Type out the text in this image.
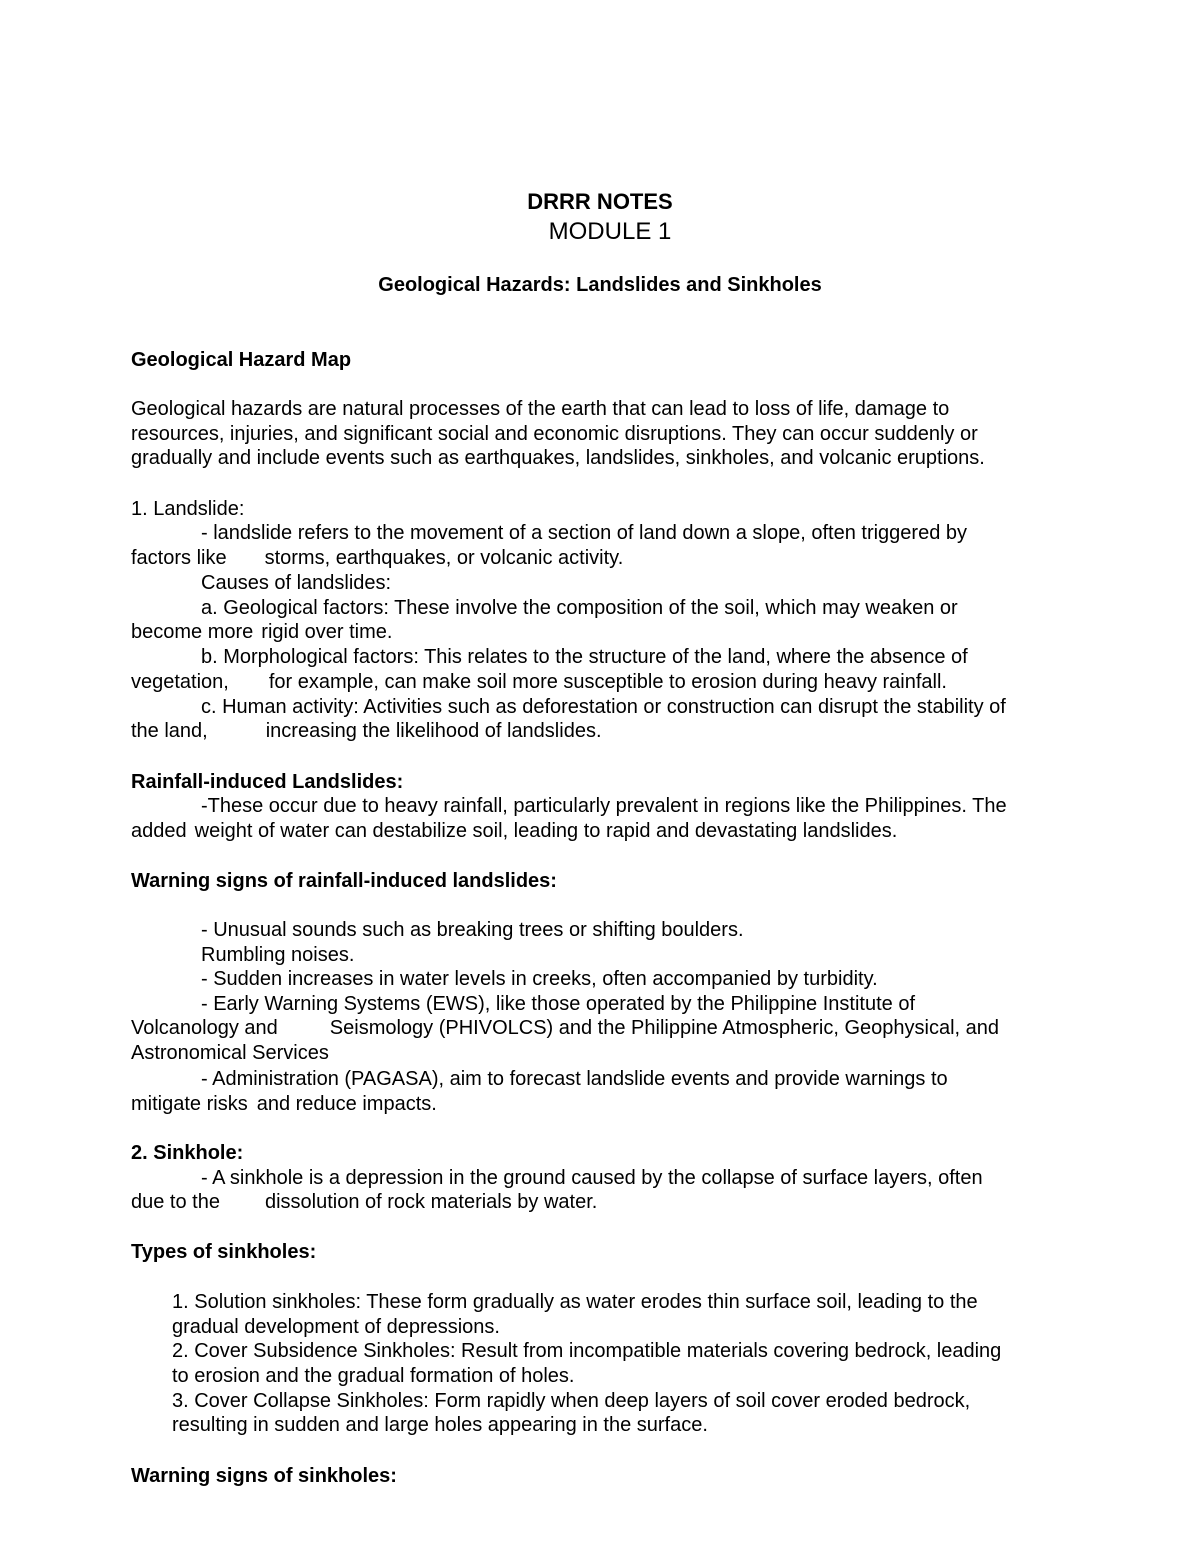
DRRR NOTES
MODULE 1
Geological Hazards: Landslides and Sinkholes
Geological Hazard Map
Geological hazards are natural processes of the earth that can lead to loss of life, damage to
resources, injuries, and significant social and economic disruptions. They can occur suddenly or
gradually and include events such as earthquakes, landslides, sinkholes, and volcanic eruptions.
1. Landslide:
- landslide refers to the movement of a section of land down a slope, often triggered by
factors like storms, earthquakes, or volcanic activity.
Causes of landslides:
a. Geological factors: These involve the composition of the soil, which may weaken or
become more rigid over time.
b. Morphological factors: This relates to the structure of the land, where the absence of
vegetation, for example, can make soil more susceptible to erosion during heavy rainfall.
c. Human activity: Activities such as deforestation or construction can disrupt the stability of
the land,	increasing the likelihood of landslides.
Rainfall-induced Landslides:
-These occur due to heavy rainfall, particularly prevalent in regions like the Philippines. The
added weight of water can destabilize soil, leading to rapid and devastating landslides.
Warning signs of rainfall-induced landslides:
- Unusual sounds such as breaking trees or shifting boulders.
Rumbling noises.
- Sudden increases in water levels in creeks, often accompanied by turbidity.
- Early Warning Systems (EWS), like those operated by the Philippine Institute of
Volcanology and	Seismology (PHIVOLCS) and the Philippine Atmospheric, Geophysical, and
Astronomical Services
- Administration (PAGASA), aim to forecast landslide events and provide warnings to
mitigate risks and reduce impacts.
2. Sinkhole:
- A sinkhole is a depression in the ground caused by the collapse of surface layers, often
due to the dissolution of rock materials by water.
Types of sinkholes:
1. Solution sinkholes: These form gradually as water erodes thin surface soil, leading to the
gradual development of depressions.
2. Cover Subsidence Sinkholes: Result from incompatible materials covering bedrock, leading
to erosion and the gradual formation of holes.
3. Cover Collapse Sinkholes: Form rapidly when deep layers of soil cover eroded bedrock,
resulting in sudden and large holes appearing in the surface.
Warning signs of sinkholes:
